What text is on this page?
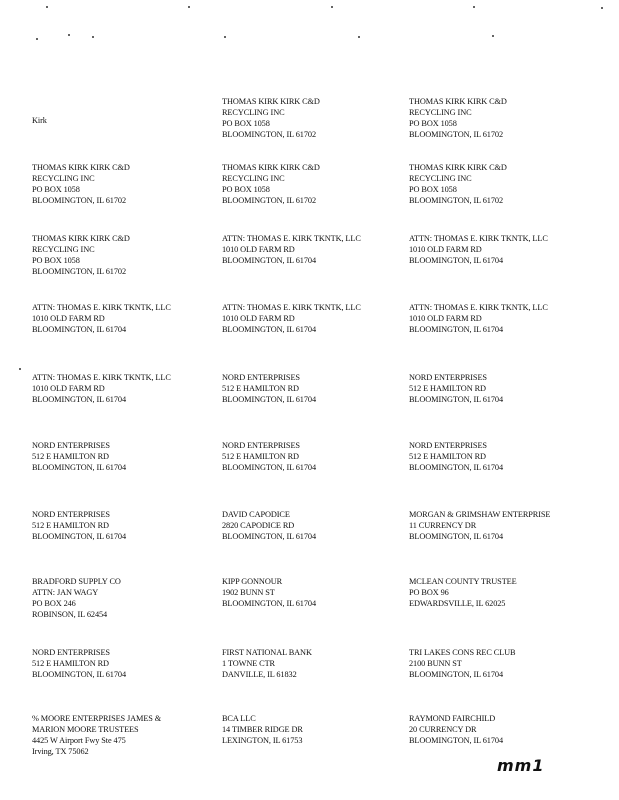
Kirk
THOMAS KIRK KIRK C&D
RECYCLING INC
PO BOX 1058
BLOOMINGTON, IL 61702
THOMAS KIRK KIRK C&D
RECYCLING INC
PO BOX 1058
BLOOMINGTON, IL 61702
THOMAS KIRK KIRK C&D
RECYCLING INC
PO BOX 1058
BLOOMINGTON, IL 61702
THOMAS KIRK KIRK C&D
RECYCLING INC
PO BOX 1058
BLOOMINGTON, IL 61702
THOMAS KIRK KIRK C&D
RECYCLING INC
PO BOX 1058
BLOOMINGTON, IL 61702
THOMAS KIRK KIRK C&D
RECYCLING INC
PO BOX 1058
BLOOMINGTON, IL 61702
ATTN: THOMAS E. KIRK TKNTK, LLC
1010 OLD FARM RD
BLOOMINGTON, IL 61704
ATTN: THOMAS E. KIRK TKNTK, LLC
1010 OLD FARM RD
BLOOMINGTON, IL 61704
ATTN: THOMAS E. KIRK TKNTK, LLC
1010 OLD FARM RD
BLOOMINGTON, IL 61704
ATTN: THOMAS E. KIRK TKNTK, LLC
1010 OLD FARM RD
BLOOMINGTON, IL 61704
ATTN: THOMAS E. KIRK TKNTK, LLC
1010 OLD FARM RD
BLOOMINGTON, IL 61704
ATTN: THOMAS E. KIRK TKNTK, LLC
1010 OLD FARM RD
BLOOMINGTON, IL 61704
NORD ENTERPRISES
512 E HAMILTON RD
BLOOMINGTON, IL 61704
NORD ENTERPRISES
512 E HAMILTON RD
BLOOMINGTON, IL 61704
NORD ENTERPRISES
512 E HAMILTON RD
BLOOMINGTON, IL 61704
NORD ENTERPRISES
512 E HAMILTON RD
BLOOMINGTON, IL 61704
NORD ENTERPRISES
512 E HAMILTON RD
BLOOMINGTON, IL 61704
NORD ENTERPRISES
512 E HAMILTON RD
BLOOMINGTON, IL 61704
DAVID CAPODICE
2820 CAPODICE RD
BLOOMINGTON, IL 61704
MORGAN & GRIMSHAW ENTERPRISE
11 CURRENCY DR
BLOOMINGTON, IL 61704
BRADFORD SUPPLY CO
ATTN: JAN WAGY
PO BOX 246
ROBINSON, IL 62454
KIPP GONNOUR
1902 BUNN ST
BLOOMINGTON, IL 61704
MCLEAN COUNTY TRUSTEE
PO BOX 96
EDWARDSVILLE, IL 62025
NORD ENTERPRISES
512 E HAMILTON RD
BLOOMINGTON, IL 61704
FIRST NATIONAL BANK
1 TOWNE CTR
DANVILLE, IL 61832
TRI LAKES CONS REC CLUB
2100 BUNN ST
BLOOMINGTON, IL 61704
% MOORE ENTERPRISES JAMES &
MARION MOORE TRUSTEES
4425 W Airport Fwy Ste 475
Irving, TX 75062
BCA LLC
14 TIMBER RIDGE DR
LEXINGTON, IL 61753
RAYMOND FAIRCHILD
20 CURRENCY DR
BLOOMINGTON, IL 61704
mm1
